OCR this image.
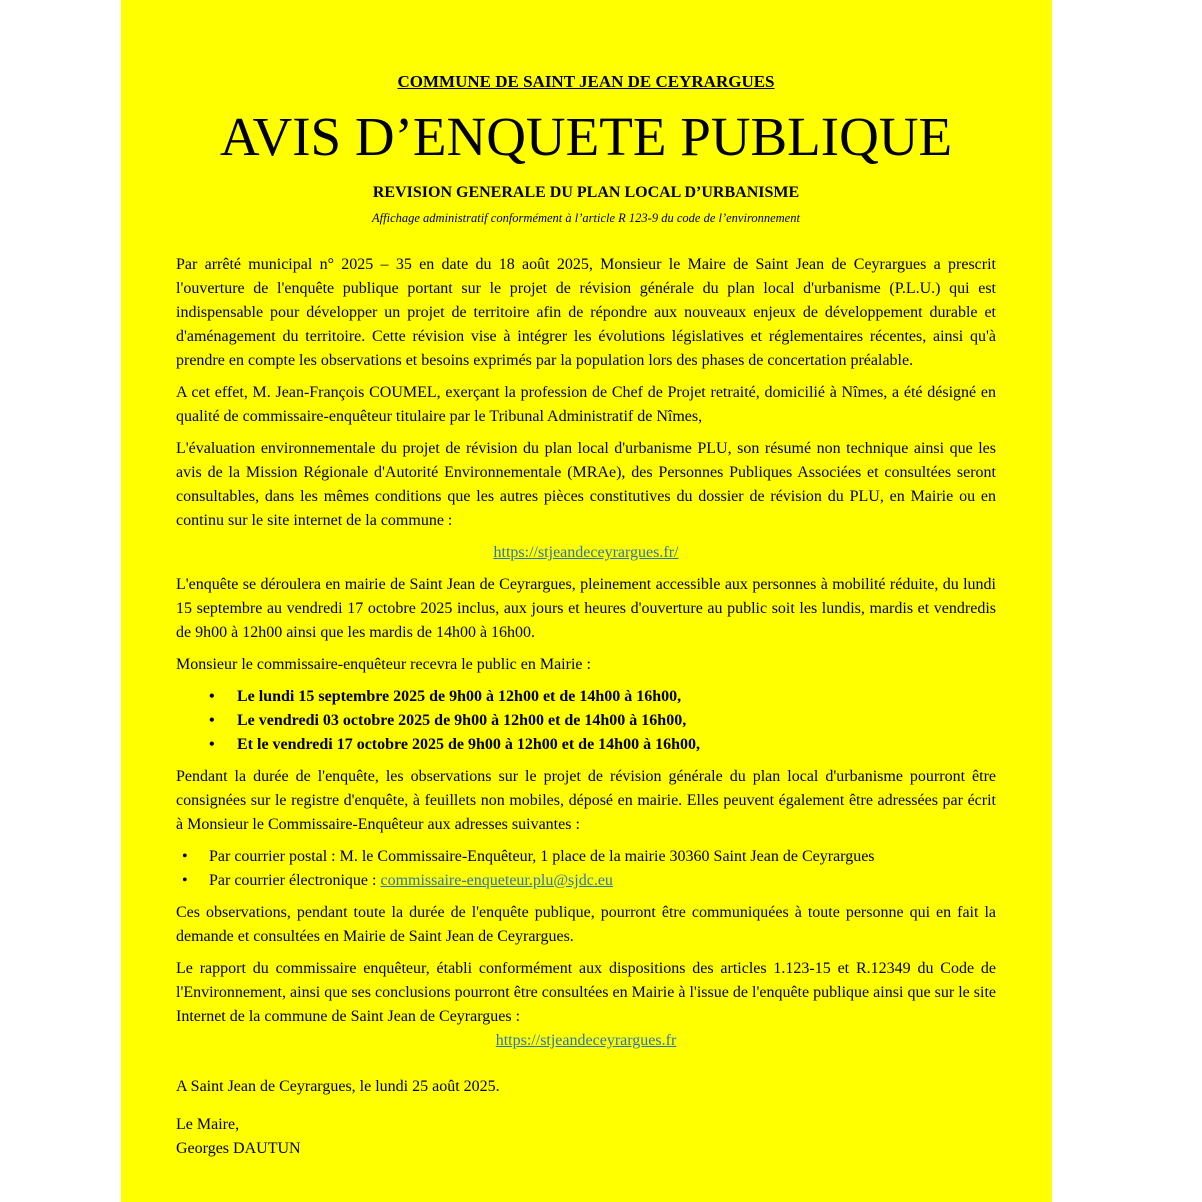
COMMUNE DE SAINT JEAN DE CEYRARGUES
AVIS D’ENQUETE PUBLIQUE
REVISION GENERALE DU PLAN LOCAL D’URBANISME
Affichage administratif conformément à l’article R 123-9 du code de l’environnement

Par arrêté municipal n° 2025 – 35 en date du 18 août 2025, Monsieur le Maire de Saint Jean de Ceyrargues a prescrit l'ouverture de l'enquête publique portant sur le projet de révision générale du plan local d'urbanisme (P.L.U.) qui est indispensable pour développer un projet de territoire afin de répondre aux nouveaux enjeux de développement durable et d'aménagement du territoire. Cette révision vise à intégrer les évolutions législatives et réglementaires récentes, ainsi qu'à prendre en compte les observations et besoins exprimés par la population lors des phases de concertation préalable.

A cet effet, M. Jean-François COUMEL, exerçant la profession de Chef de Projet retraité, domicilié à Nîmes, a été désigné en qualité de commissaire-enquêteur titulaire par le Tribunal Administratif de Nîmes,

L'évaluation environnementale du projet de révision du plan local d'urbanisme PLU, son résumé non technique ainsi que les avis de la Mission Régionale d'Autorité Environnementale (MRAe), des Personnes Publiques Associées et consultées seront consultables, dans les mêmes conditions que les autres pièces constitutives du dossier de révision du PLU, en Mairie ou en continu sur le site internet de la commune :

https://stjeandeceyrargues.fr/

L'enquête se déroulera en mairie de Saint Jean de Ceyrargues, pleinement accessible aux personnes à mobilité réduite, du lundi 15 septembre au vendredi 17 octobre 2025 inclus, aux jours et heures d'ouverture au public soit les lundis, mardis et vendredis de 9h00 à 12h00 ainsi que les mardis de 14h00 à 16h00.

Monsieur le commissaire-enquêteur recevra le public en Mairie :

• Le lundi 15 septembre 2025 de 9h00 à 12h00 et de 14h00 à 16h00,
• Le vendredi 03 octobre 2025 de 9h00 à 12h00 et de 14h00 à 16h00,
• Et le vendredi 17 octobre 2025 de 9h00 à 12h00 et de 14h00 à 16h00,

Pendant la durée de l'enquête, les observations sur le projet de révision générale du plan local d'urbanisme pourront être consignées sur le registre d'enquête, à feuillets non mobiles, déposé en mairie. Elles peuvent également être adressées par écrit à Monsieur le Commissaire-Enquêteur aux adresses suivantes :

• Par courrier postal : M. le Commissaire-Enquêteur, 1 place de la mairie 30360 Saint Jean de Ceyrargues
• Par courrier électronique : commissaire-enqueteur.plu@sjdc.eu

Ces observations, pendant toute la durée de l'enquête publique, pourront être communiquées à toute personne qui en fait la demande et consultées en Mairie de Saint Jean de Ceyrargues.

Le rapport du commissaire enquêteur, établi conformément aux dispositions des articles 1.123-15 et R.12349 du Code de l'Environnement, ainsi que ses conclusions pourront être consultées en Mairie à l'issue de l'enquête publique ainsi que sur le site Internet de la commune de Saint Jean de Ceyrargues :

https://stjeandeceyrargues.fr

A Saint Jean de Ceyrargues, le lundi 25 août 2025.

Le Maire,

Georges DAUTUN
